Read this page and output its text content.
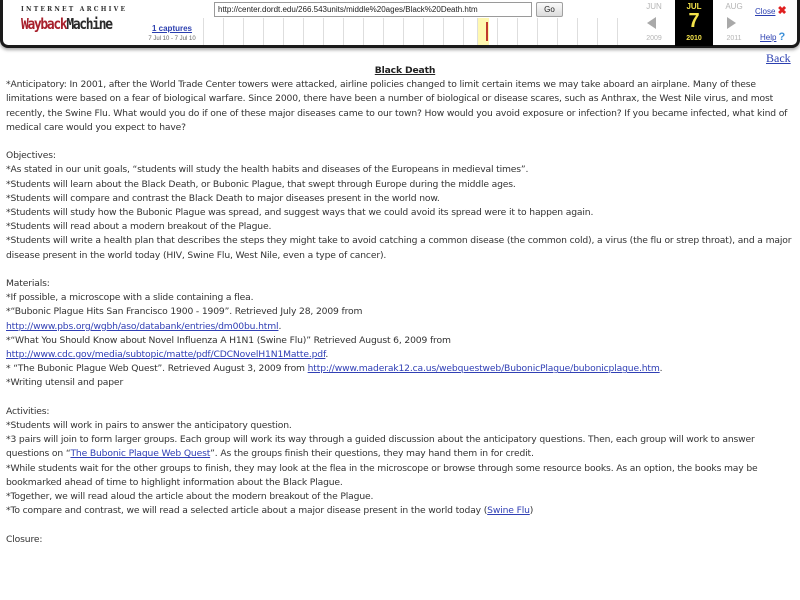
INTERNET ARCHIVE
WaybackMachine
http://center.dordt.edu/266.543units/middle%20ages/Black%20Death.htm	Go
1 captures
7 Jul 10 - 7 Jul 10
JUN
2009
JUL
7
2010
AUG
2011
Close ✖
Help ?
Back
Black Death

*Anticipatory: In 2001, after the World Trade Center towers were attacked, airline policies changed to limit certain items we may take aboard an airplane. Many of these limitations were based on a fear of biological warfare. Since 2000, there have been a number of biological or disease scares, such as Anthrax, the West Nile virus, and most recently, the Swine Flu. What would you do if one of these major diseases came to our town? How would you avoid exposure or infection? If you became infected, what kind of medical care would you expect to have?

Objectives:

*As stated in our unit goals, “students will study the health habits and diseases of the Europeans in medieval times”.

*Students will learn about the Black Death, or Bubonic Plague, that swept through Europe during the middle ages.

*Students will compare and contrast the Black Death to major diseases present in the world now.

*Students will study how the Bubonic Plague was spread, and suggest ways that we could avoid its spread were it to happen again.

*Students will read about a modern breakout of the Plague.

*Students will write a health plan that describes the steps they might take to avoid catching a common disease (the common cold), a virus (the flu or strep throat), and a major disease present in the world today (HIV, Swine Flu, West Nile, even a type of cancer).

Materials:

*If possible, a microscope with a slide containing a flea.

*“Bubonic Plague Hits San Francisco 1900 - 1909”. Retrieved July 28, 2009 from

http://www.pbs.org/wgbh/aso/databank/entries/dm00bu.html.

*“What You Should Know about Novel Influenza A H1N1 (Swine Flu)” Retrieved August 6, 2009 from

http://www.cdc.gov/media/subtopic/matte/pdf/CDCNovelH1N1Matte.pdf.

* “The Bubonic Plague Web Quest”. Retrieved August 3, 2009 from http://www.maderak12.ca.us/webquestweb/BubonicPlague/bubonicplague.htm.

*Writing utensil and paper

Activities:

*Students will work in pairs to answer the anticipatory question.

*3 pairs will join to form larger groups. Each group will work its way through a guided discussion about the anticipatory questions. Then, each group will work to answer questions on “The Bubonic Plague Web Quest”. As the groups finish their questions, they may hand them in for credit.

*While students wait for the other groups to finish, they may look at the flea in the microscope or browse through some resource books. As an option, the books may be bookmarked ahead of time to highlight information about the Black Plague.

*Together, we will read aloud the article about the modern breakout of the Plague.

*To compare and contrast, we will read a selected article about a major disease present in the world today (Swine Flu)

Closure:
